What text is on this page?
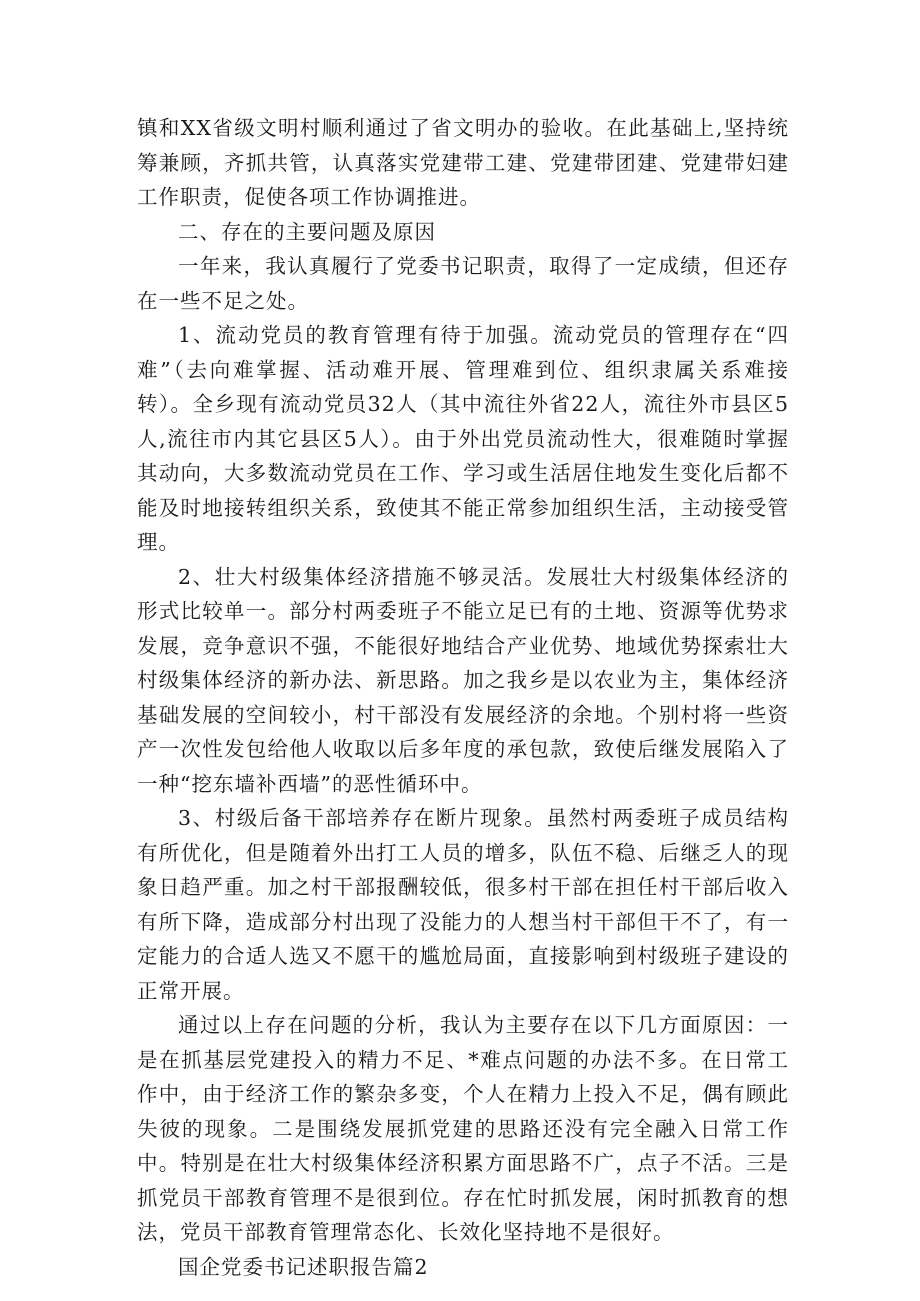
镇和XX省级文明村顺利通过了省文明办的验收。在此基础上,坚持统筹兼顾，齐抓共管，认真落实党建带工建、党建带团建、党建带妇建工作职责，促使各项工作协调推进。

二、存在的主要问题及原因

一年来，我认真履行了党委书记职责，取得了一定成绩，但还存在一些不足之处。

1、流动党员的教育管理有待于加强。流动党员的管理存在“四难”（去向难掌握、活动难开展、管理难到位、组织隶属关系难接转）。全乡现有流动党员32人（其中流往外省22人，流往外市县区5人,流往市内其它县区5人）。由于外出党员流动性大，很难随时掌握其动向，大多数流动党员在工作、学习或生活居住地发生变化后都不能及时地接转组织关系，致使其不能正常参加组织生活，主动接受管理。

2、壮大村级集体经济措施不够灵活。发展壮大村级集体经济的形式比较单一。部分村两委班子不能立足已有的土地、资源等优势求发展，竞争意识不强，不能很好地结合产业优势、地域优势探索壮大村级集体经济的新办法、新思路。加之我乡是以农业为主，集体经济基础发展的空间较小，村干部没有发展经济的余地。个别村将一些资产一次性发包给他人收取以后多年度的承包款，致使后继发展陷入了一种“挖东墙补西墙”的恶性循环中。

3、村级后备干部培养存在断片现象。虽然村两委班子成员结构有所优化，但是随着外出打工人员的增多，队伍不稳、后继乏人的现象日趋严重。加之村干部报酬较低，很多村干部在担任村干部后收入有所下降，造成部分村出现了没能力的人想当村干部但干不了，有一定能力的合适人选又不愿干的尴尬局面，直接影响到村级班子建设的正常开展。

通过以上存在问题的分析，我认为主要存在以下几方面原因：一是在抓基层党建投入的精力不足、*难点问题的办法不多。在日常工作中，由于经济工作的繁杂多变，个人在精力上投入不足，偶有顾此失彼的现象。二是围绕发展抓党建的思路还没有完全融入日常工作中。特别是在壮大村级集体经济积累方面思路不广，点子不活。三是抓党员干部教育管理不是很到位。存在忙时抓发展，闲时抓教育的想法，党员干部教育管理常态化、长效化坚持地不是很好。

国企党委书记述职报告篇2
